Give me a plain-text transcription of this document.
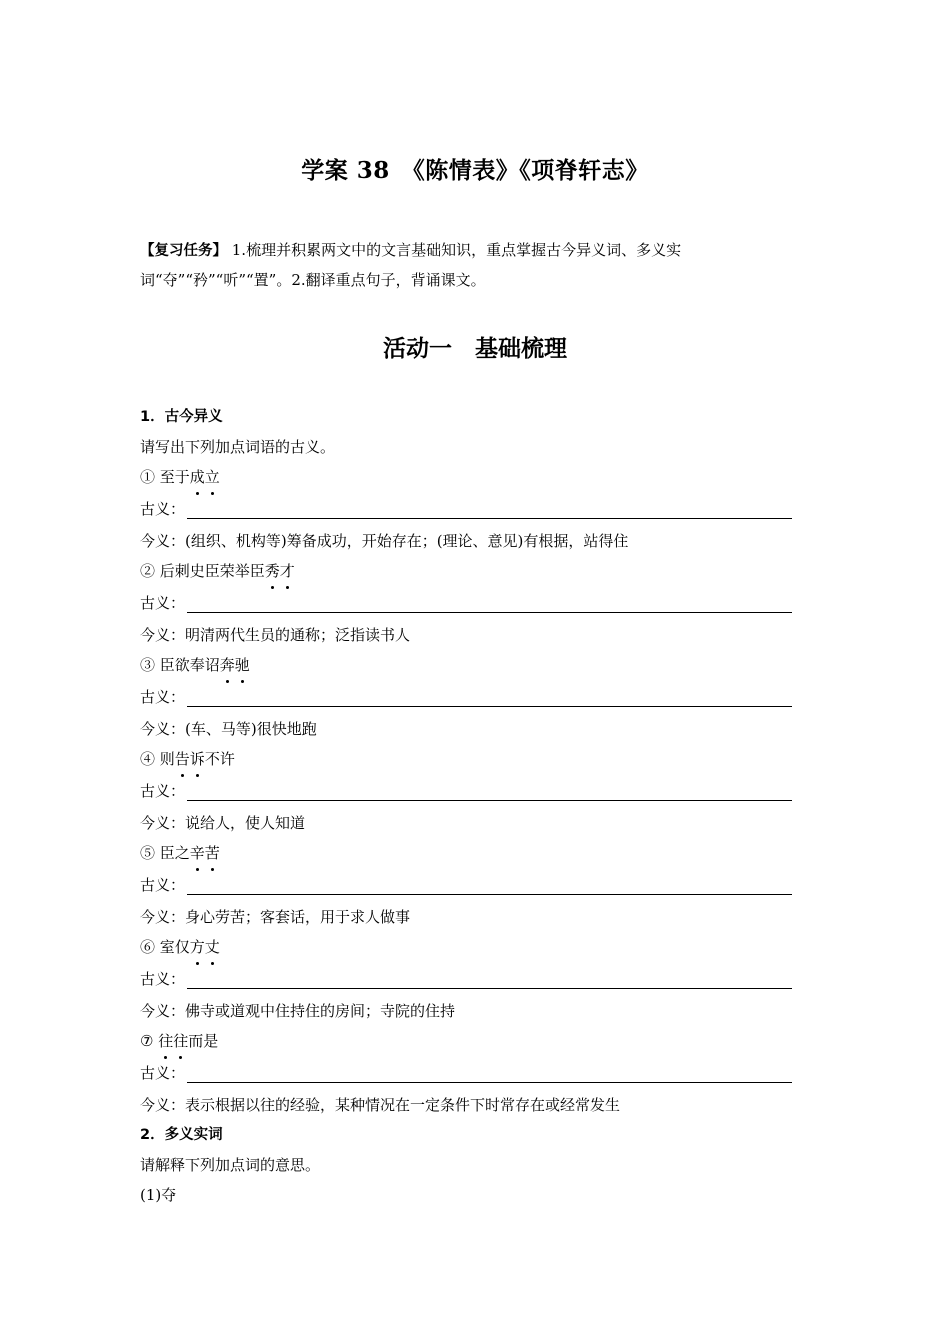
学案 38　《陈情表》《项脊轩志》
【复习任务】 1.梳理并积累两文中的文言基础知识，重点掌握古今异义词、多义实词“夺”“矜”“听”“置”。2.翻译重点句子，背诵课文。
活动一　基础梳理
1．古今异义
请写出下列加点词语的古义。
① 至于成立
古义：
今义：(组织、机构等)筹备成功，开始存在；(理论、意见)有根据，站得住
② 后刺史臣荣举臣秀才
古义：
今义：明清两代生员的通称；泛指读书人
③ 臣欲奉诏奔驰
古义：
今义：(车、马等)很快地跑
④ 则告诉不许
古义：
今义：说给人，使人知道
⑤ 臣之辛苦
古义：
今义：身心劳苦；客套话，用于求人做事
⑥ 室仅方丈
古义：
今义：佛寺或道观中住持住的房间；寺院的住持
⑦ 往往而是
古义：
今义：表示根据以往的经验，某种情况在一定条件下时常存在或经常发生
2．多义实词
请解释下列加点词的意思。
(1)夺
